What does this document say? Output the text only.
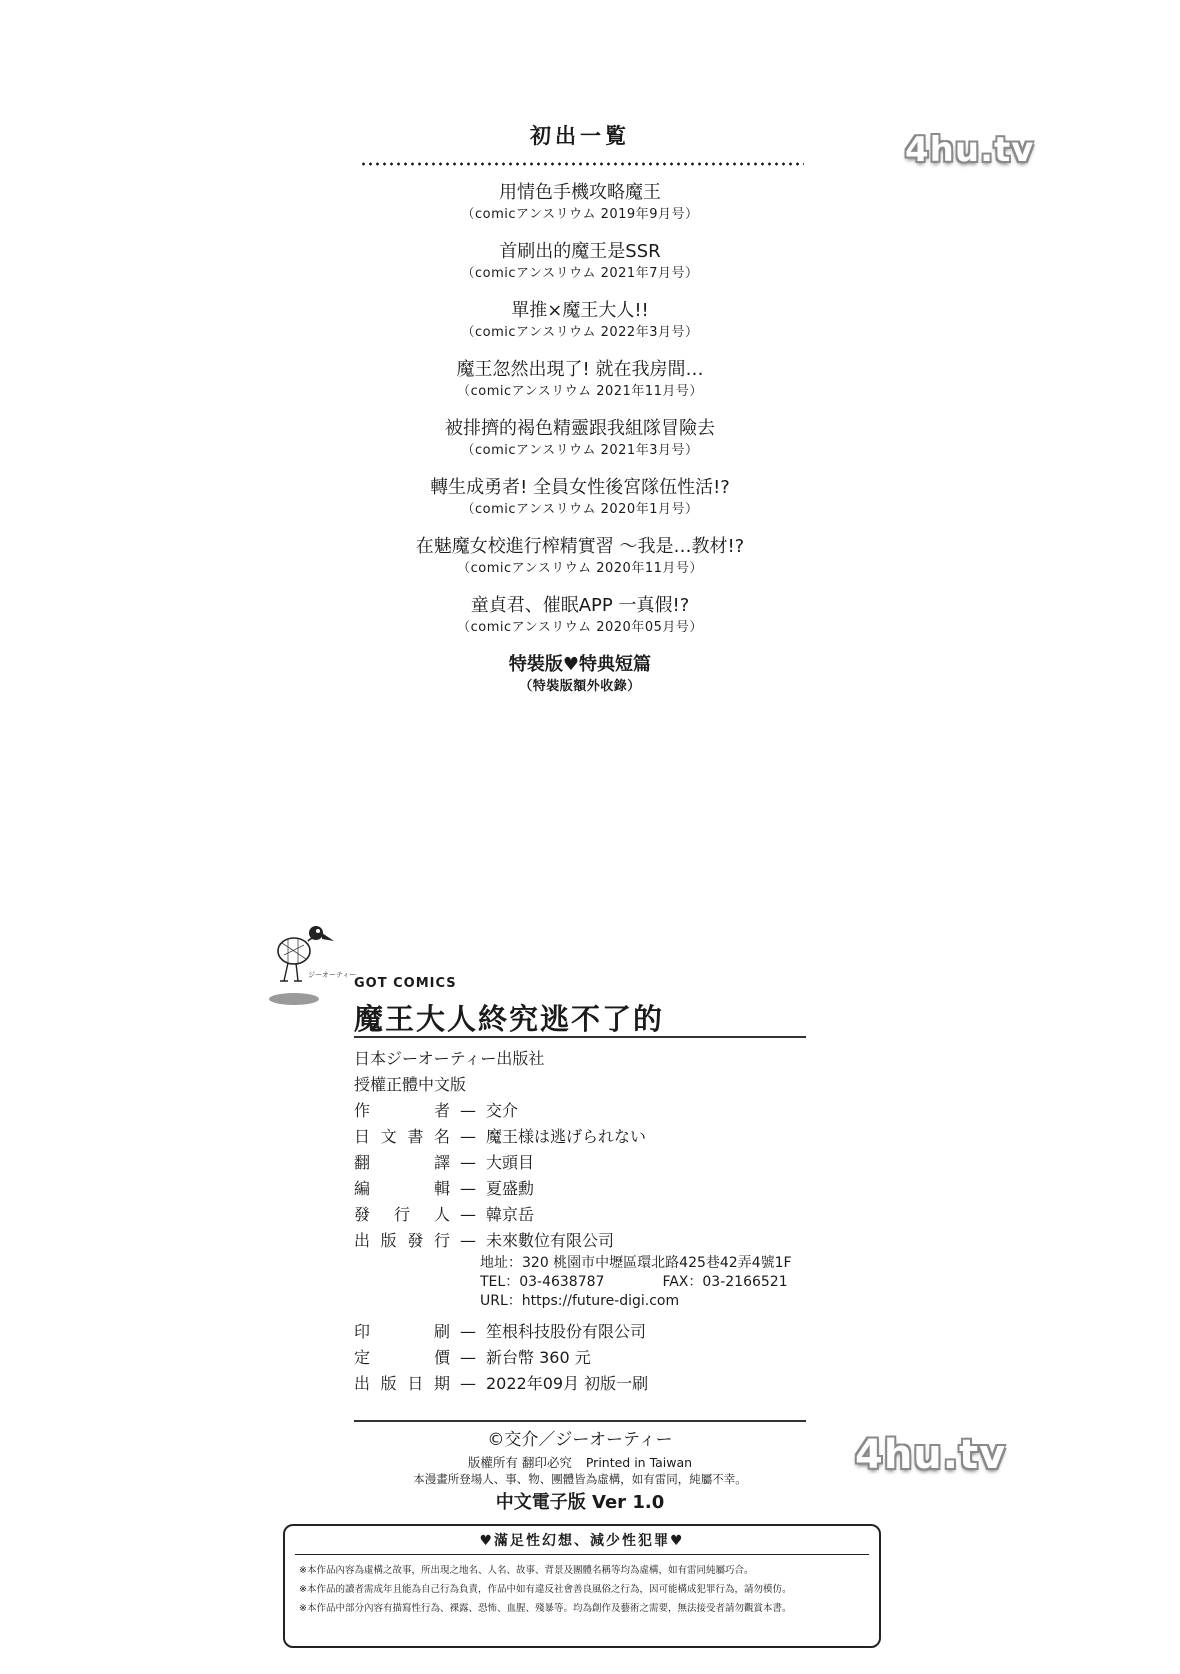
4hu.tv
4hu.tv
初出一覧
用情色手機攻略魔王
（comicアンスリウム 2019年9月号）
首刷出的魔王是SSR
（comicアンスリウム 2021年7月号）
單推×魔王大人!!
（comicアンスリウム 2022年3月号）
魔王忽然出現了! 就在我房間…
（comicアンスリウム 2021年11月号）
被排擠的褐色精靈跟我組隊冒險去
（comicアンスリウム 2021年3月号）
轉生成勇者! 全員女性後宮隊伍性活!?
（comicアンスリウム 2020年1月号）
在魅魔女校進行榨精實習 ～我是…教材!?
（comicアンスリウム 2020年11月号）
童貞君、催眠APP 一真假!?
（comicアンスリウム 2020年05月号）
特裝版♥特典短篇
（特裝版額外收錄）
ジーオーティー
GOT COMICS
魔王大人終究逃不了的
日本ジーオーティー出版社
授權正體中文版
作者 — 交介
日文書名 — 魔王様は逃げられない
翻譯 — 大頭目
編輯 — 夏盛勳
發行人 — 韓京岳
出版發行 — 未來數位有限公司
地址：320 桃園市中壢區環北路425巷42弄4號1F
TEL：03-4638787	FAX：03-2166521
URL：https://future-digi.com
印刷 — 笙根科技股份有限公司
定價 — 新台幣 360 元
出版日期 — 2022年09月 初版一刷
©交介／ジーオーティー
版權所有 翻印必究 Printed in Taiwan
本漫畫所登場人、事、物、團體皆為虛構，如有雷同，純屬不幸。
中文電子版 Ver 1.0
♥滿足性幻想、減少性犯罪♥
※本作品內容為虛構之故事，所出現之地名、人名、故事、背景及團體名稱等均為虛構，如有雷同純屬巧合。
※本作品的讀者需成年且能為自己行為負責，作品中如有違反社會善良風俗之行為，因可能構成犯罪行為，請勿模仿。
※本作品中部分內容有描寫性行為、裸露、恐怖、血腥、殘暴等。均為創作及藝術之需要，無法接受者請勿觀賞本書。
